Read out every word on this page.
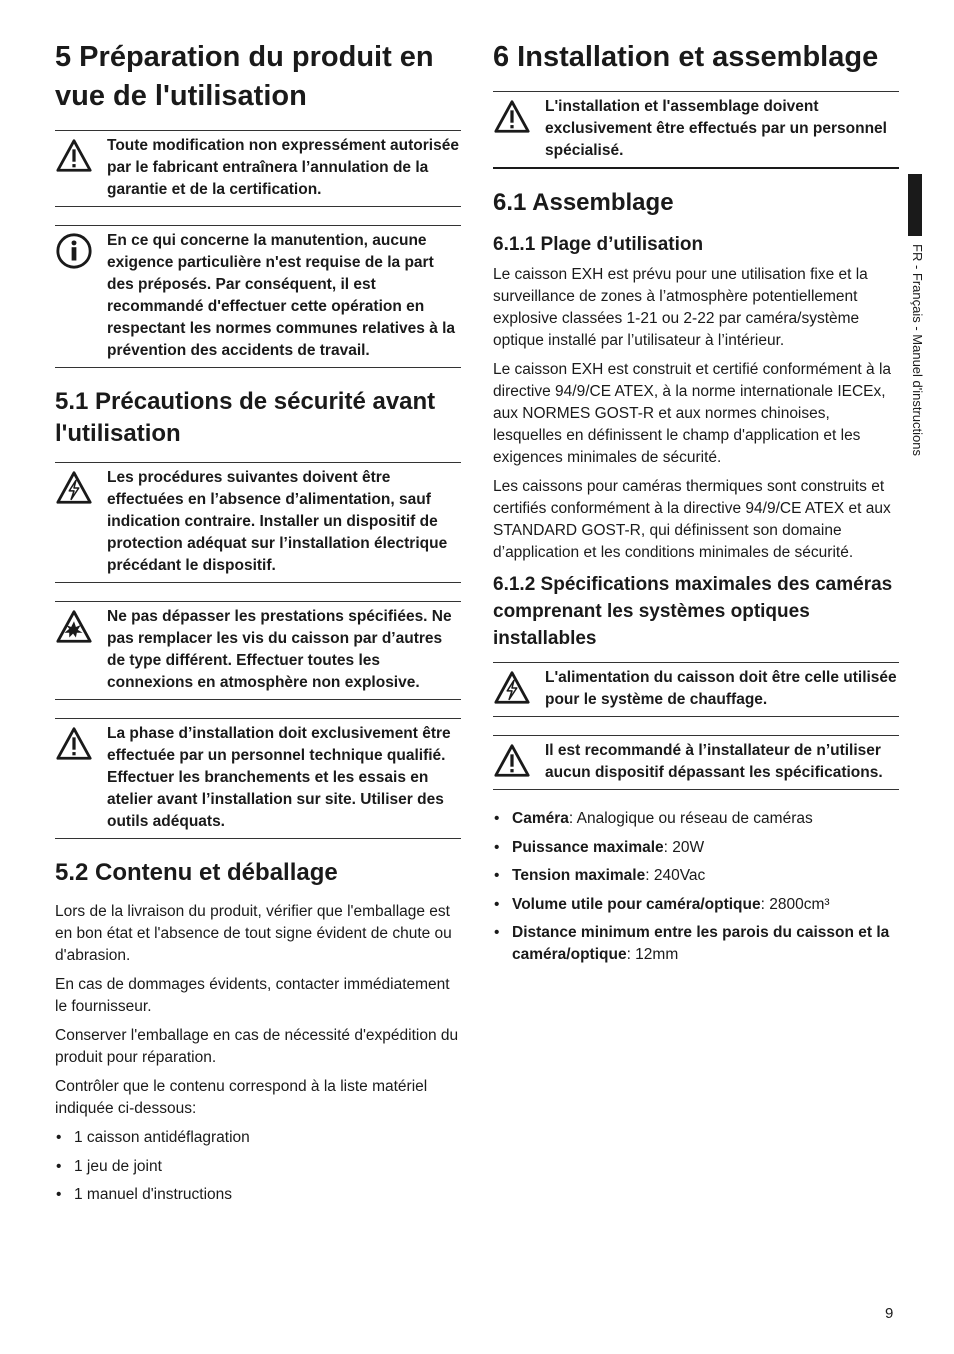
5 Préparation du produit en vue de l'utilisation
Toute modification non expressément autorisée par le fabricant entraînera l’annulation de la garantie et de la certification.
En ce qui concerne la manutention, aucune exigence particulière n'est requise de la part des préposés. Par conséquent, il est recommandé d'effectuer cette opération en respectant les normes communes relatives à la prévention des accidents de travail.
5.1 Précautions de sécurité avant l'utilisation
Les procédures suivantes doivent être effectuées en l’absence d’alimentation, sauf indication contraire. Installer un dispositif de protection adéquat sur l’installation électrique précédant le dispositif.
Ne pas dépasser les prestations spécifiées. Ne pas remplacer les vis du caisson par d’autres de type différent. Effectuer toutes les connexions en atmosphère non explosive.
La phase d’installation doit exclusivement être effectuée par un personnel technique qualifié. Effectuer les branchements et les essais en atelier avant l’installation sur site. Utiliser des outils adéquats.
5.2 Contenu et déballage

Lors de la livraison du produit, vérifier que l'emballage est en bon état et l'absence de tout signe évident de chute ou d'abrasion.

En cas de dommages évidents, contacter immédiatement le fournisseur.

Conserver l'emballage en cas de nécessité d'expédition du produit pour réparation.

Contrôler que le contenu correspond à la liste matériel indiquée ci-dessous:

• 1 caisson antidéflagration
• 1 jeu de joint
• 1 manuel d'instructions
6 Installation et assemblage
L'installation et l'assemblage doivent exclusivement être effectués par un personnel spécialisé.
6.1 Assemblage
6.1.1 Plage d’utilisation

Le caisson EXH est prévu pour une utilisation fixe et la surveillance de zones à l’atmosphère potentiellement explosive classées 1-21 ou 2-22 par caméra/système optique installé par l’utilisateur à l’intérieur.

Le caisson EXH est construit et certifié conformément à la directive 94/9/CE ATEX, à la norme internationale IECEx, aux NORMES GOST-R et aux normes chinoises, lesquelles en définissent le champ d'application et les exigences minimales de sécurité.

Les caissons pour caméras thermiques sont construits et certifiés conformément à la directive 94/9/CE ATEX et aux STANDARD GOST-R, qui définissent son domaine d’application et les conditions minimales de sécurité.

6.1.2 Spécifications maximales des caméras comprenant les systèmes optiques installables
L'alimentation du caisson doit être celle utilisée pour le système de chauffage.
Il est recommandé à l’installateur de n’utiliser aucun dispositif dépassant les spécifications.
• Caméra: Analogique ou réseau de caméras
• Puissance maximale: 20W
• Tension maximale: 240Vac
• Volume utile pour caméra/optique: 2800cm³
• Distance minimum entre les parois du caisson et la caméra/optique: 12mm
FR - Français - Manuel d'instructions
9
